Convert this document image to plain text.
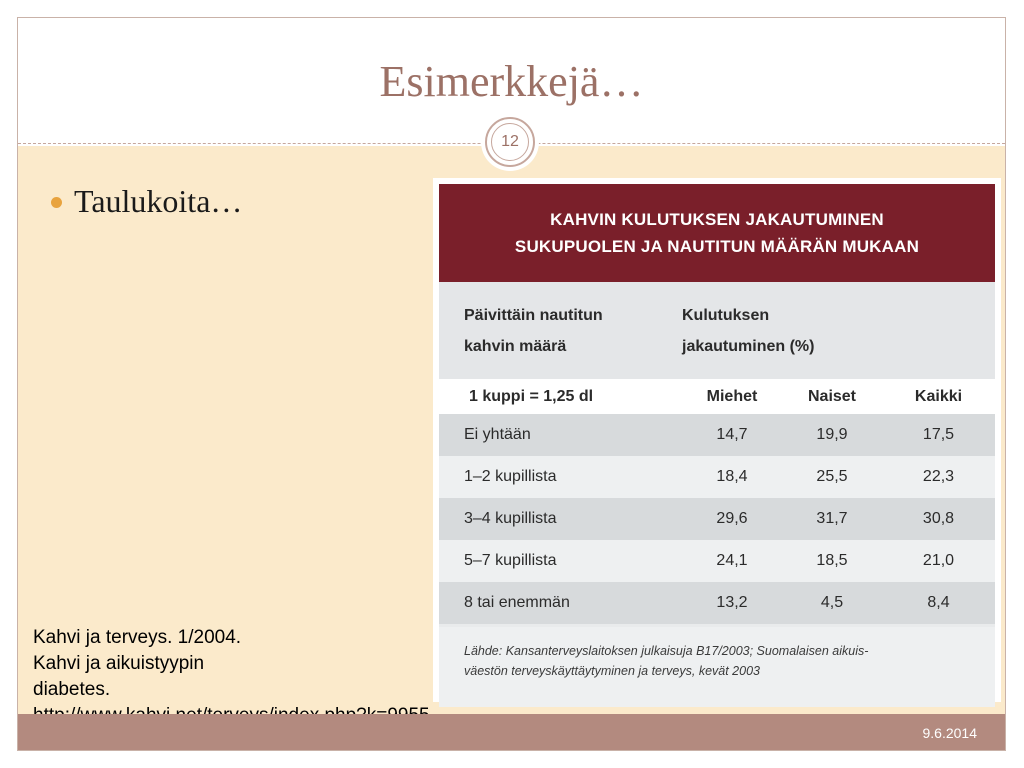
Esimerkkejä…
12
Taulukoita…
KAHVIN KULUTUKSEN JAKAUTUMINEN
SUKUPUOLEN JA NAUTITUN MÄÄRÄN MUKAAN
Päivittäin nautitun
kahvin määrä
Kulutuksen
jakautuminen (%)
1 kuppi = 1,25 dl	Miehet	Naiset	Kaikki
Ei yhtään	14,7	19,9	17,5
1–2 kupillista	18,4	25,5	22,3
3–4 kupillista	29,6	31,7	30,8
5–7 kupillista	24,1	18,5	21,0
8 tai enemmän	13,2	4,5	8,4
Lähde: Kansanterveyslaitoksen julkaisuja B17/2003; Suomalaisen aikuis-
väestön terveyskäyttäytyminen ja terveys, kevät 2003
Kahvi ja terveys. 1/2004.
Kahvi ja aikuistyypin
diabetes.
9.6.2014
